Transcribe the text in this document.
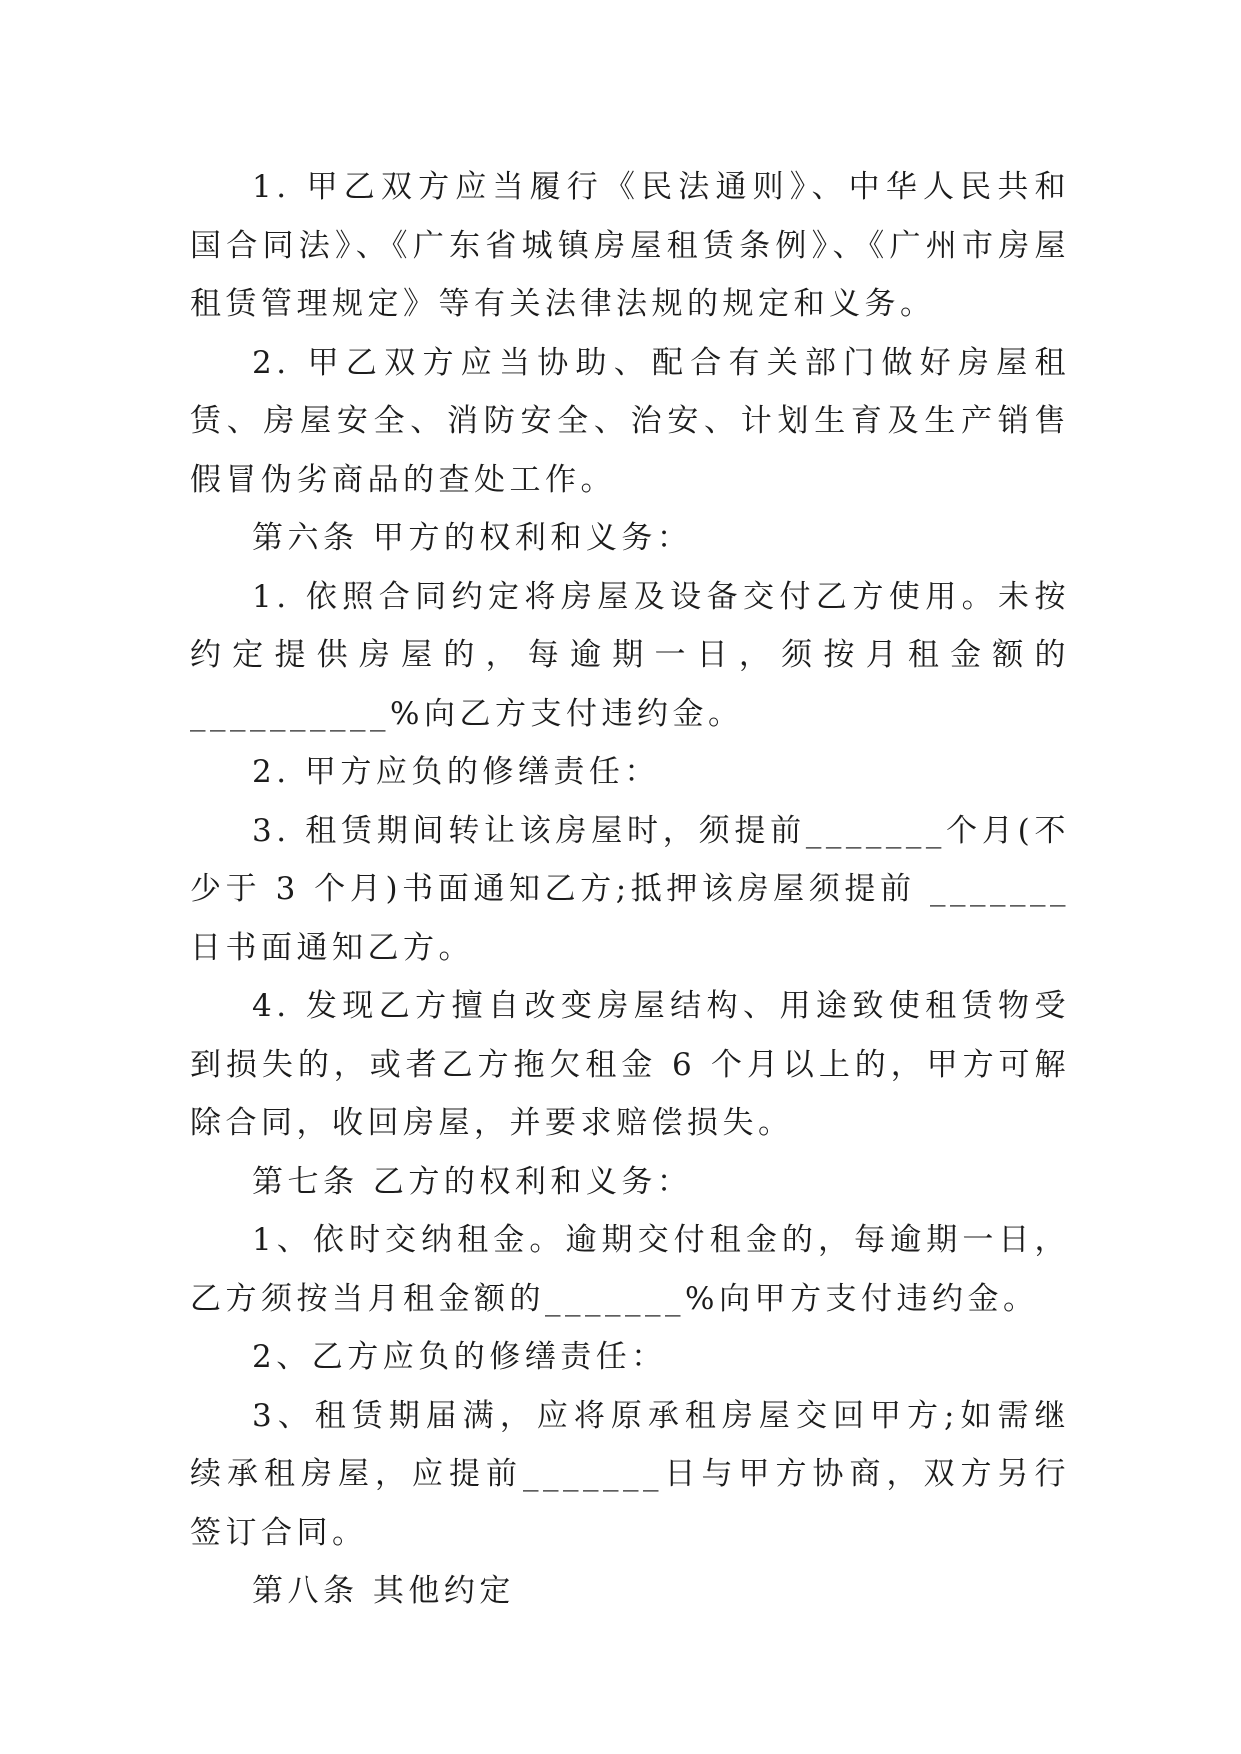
1. 甲乙双方应当履行《民法通则》、中华人民共和国合同法》、《广东省城镇房屋租赁条例》、《广州市房屋租赁管理规定》等有关法律法规的规定和义务。

2. 甲乙双方应当协助、配合有关部门做好房屋租赁、房屋安全、消防安全、治安、计划生育及生产销售假冒伪劣商品的查处工作。

第六条 甲方的权利和义务：

1. 依照合同约定将房屋及设备交付乙方使用。未按约定提供房屋的，每逾期一日，须按月租金额的__________%向乙方支付违约金。

2. 甲方应负的修缮责任：

3. 租赁期间转让该房屋时，须提前_______个月(不少于 3 个月)书面通知乙方;抵押该房屋须提前 _______日书面通知乙方。

4. 发现乙方擅自改变房屋结构、用途致使租赁物受到损失的，或者乙方拖欠租金 6 个月以上的，甲方可解除合同，收回房屋，并要求赔偿损失。

第七条 乙方的权利和义务：

1、依时交纳租金。逾期交付租金的，每逾期一日，乙方须按当月租金额的_______%向甲方支付违约金。

2、乙方应负的修缮责任：

3、租赁期届满，应将原承租房屋交回甲方;如需继续承租房屋，应提前_______日与甲方协商，双方另行签订合同。

第八条 其他约定
